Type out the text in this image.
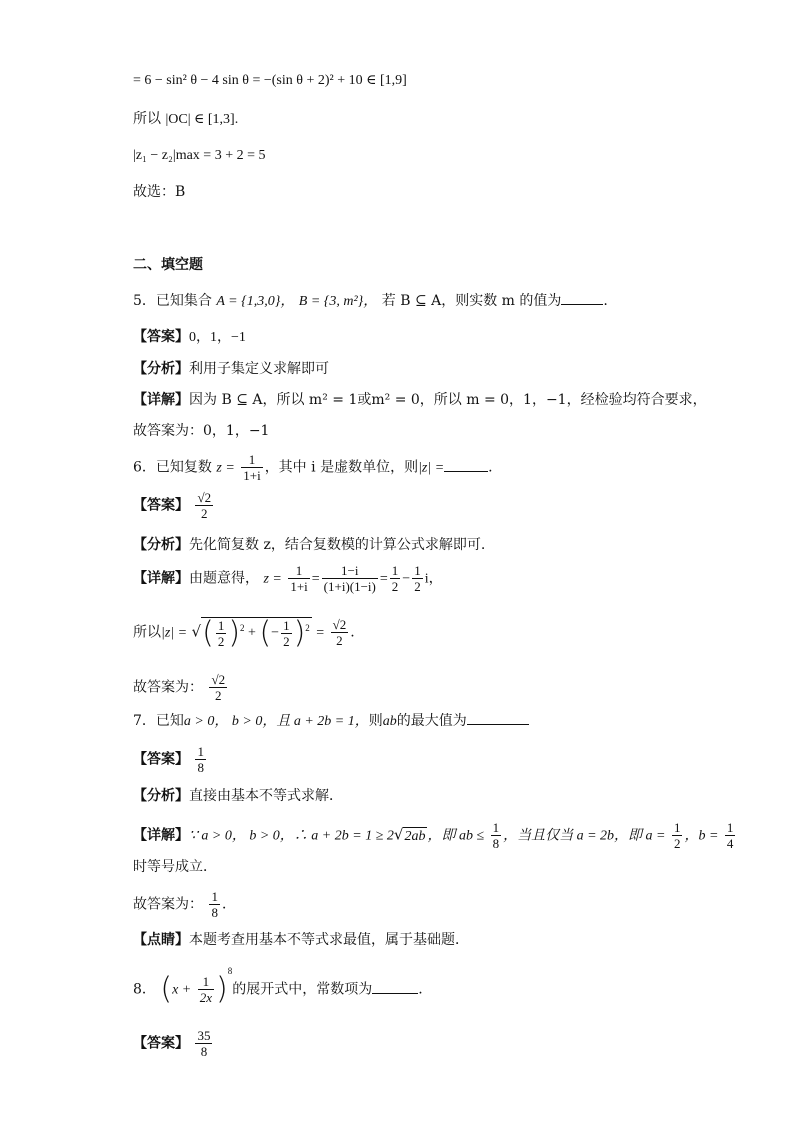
= 6 − sin² θ − 4 sin θ = −(sin θ + 2)² + 10 ∈ [1,9]
所以 |OC| ∈ [1,3].
|z₁ − z₂|max = 3 + 2 = 5
故选：B
二、填空题
5．已知集合 A = {1,3,0}， B = {3, m²}， 若 B ⊆ A，则实数 m 的值为	.
【答案】0，1，−1
【分析】利用子集定义求解即可
【详解】因为 B ⊆ A，所以 m² = 1或m² = 0，所以 m = 0，1，−1，经检验均符合要求，
故答案为：0，1，−1
6．已知复数 $z = \frac{1}{1+i}$ ，其中 i 是虚数单位，则|z| =	.
【答案】 $\frac{√2}{2}$
【分析】先化简复数 z，结合复数模的计算公式求解即可.
【详解】由题意得， $z = \frac{1}{1+i} = \frac{1-i}{(1+i)(1-i)} = \frac{1}{2} - \frac{1}{2}$ i，
所以|z| = √( $\frac{1}{2} )^2$ + (− $\frac{1}{2} )^2 = \frac{√2}{2}$ .
故答案为： $\frac{√2}{2}$
7．已知a > 0， b > 0，且 a + 2b = 1，则ab的最大值为
【答案】 $\frac{1}{8}$
【分析】直接由基本不等式求解．
【详解】∵ a > 0， b > 0，∴ a + 2b = 1 ≥ 2√2ab ，即 ab ≤ $\frac{1}{8}$ ，当且仅当 a = 2b，即 $a = \frac{1}{2}$ ，$b = \frac{1}{4}$
时等号成立．
故答案为： $\frac{1}{8}$ ．
【点睛】本题考查用基本不等式求最值，属于基础题．
8． $(x + \frac{1}{2x} )^8$的展开式中，常数项为	.
【答案】 $\frac{35}{8}$
